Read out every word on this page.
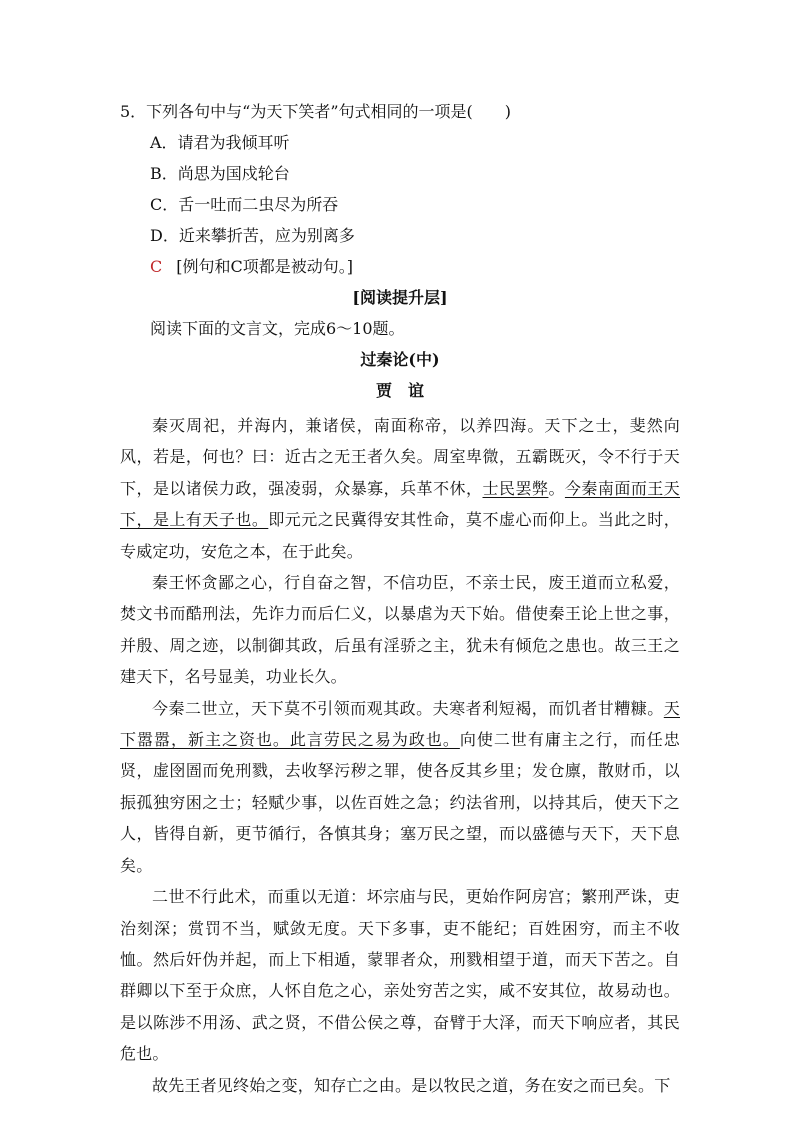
5．下列各句中与“为天下笑者”句式相同的一项是(　　)
A．请君为我倾耳听
B．尚思为国戍轮台
C．舌一吐而二虫尽为所吞
D．近来攀折苦，应为别离多
C [例句和C项都是被动句。]
[阅读提升层]
阅读下面的文言文，完成6～10题。
过秦论(中)
贾　谊
秦灭周祀，并海内，兼诸侯，南面称帝，以养四海。天下之士，斐然向风，若是，何也？曰：近古之无王者久矣。周室卑微，五霸既灭，令不行于天下，是以诸侯力政，强凌弱，众暴寡，兵革不休，士民罢弊。今秦南面而王天下，是上有天子也。即元元之民冀得安其性命，莫不虚心而仰上。当此之时，专威定功，安危之本，在于此矣。
秦王怀贪鄙之心，行自奋之智，不信功臣，不亲士民，废王道而立私爱，焚文书而酷刑法，先诈力而后仁义，以暴虐为天下始。借使秦王论上世之事，并殷、周之迹，以制御其政，后虽有淫骄之主，犹未有倾危之患也。故三王之建天下，名号显美，功业长久。
今秦二世立，天下莫不引领而观其政。夫寒者利短褐，而饥者甘糟糠。天下嚣嚣，新主之资也。此言劳民之易为政也。向使二世有庸主之行，而任忠贤，虚囹圄而免刑戮，去收孥污秽之罪，使各反其乡里；发仓廪，散财币，以振孤独穷困之士；轻赋少事，以佐百姓之急；约法省刑，以持其后，使天下之人，皆得自新，更节循行，各慎其身；塞万民之望，而以盛德与天下，天下息矣。
二世不行此术，而重以无道：坏宗庙与民，更始作阿房宫；繁刑严诛，吏治刻深；赏罚不当，赋敛无度。天下多事，吏不能纪；百姓困穷，而主不收恤。然后奸伪并起，而上下相遁，蒙罪者众，刑戮相望于道，而天下苦之。自群卿以下至于众庶，人怀自危之心，亲处穷苦之实，咸不安其位，故易动也。是以陈涉不用汤、武之贤，不借公侯之尊，奋臂于大泽，而天下响应者，其民危也。
故先王者见终始之变，知存亡之由。是以牧民之道，务在安之而已矣。下
